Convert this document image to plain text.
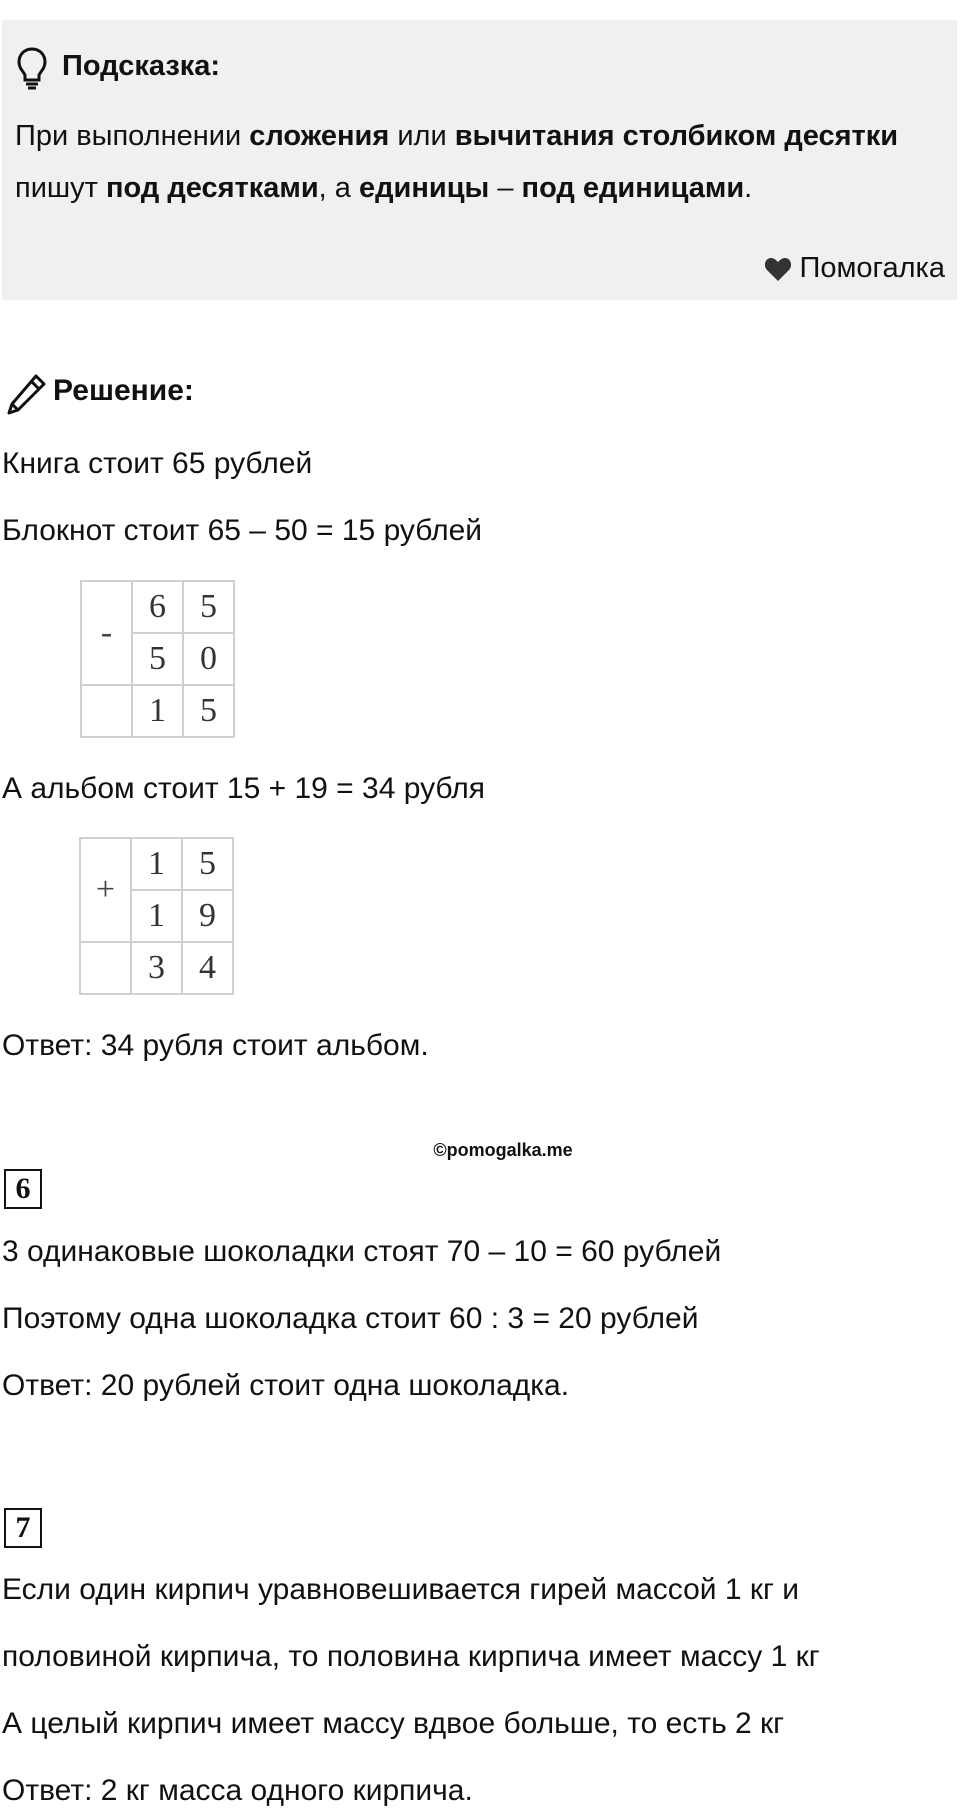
Подсказка:
При выполнении сложения или вычитания столбиком десятки пишут под десятками, а единицы – под единицами.
Помогалка
Решение:
Книга стоит 65 рублей
Блокнот стоит 65 – 50 = 15 рублей
-	6	5
	5	0
	1	5
А альбом стоит 15 + 19 = 34 рубля
+	1	5
	1	9
	3	4
Ответ: 34 рубля стоит альбом.
©pomogalka.me
6
3 одинаковые шоколадки стоят 70 – 10 = 60 рублей
Поэтому одна шоколадка стоит 60 : 3 = 20 рублей
Ответ: 20 рублей стоит одна шоколадка.
7
Если один кирпич уравновешивается гирей массой 1 кг и
половиной кирпича, то половина кирпича имеет массу 1 кг
А целый кирпич имеет массу вдвое больше, то есть 2 кг
Ответ: 2 кг масса одного кирпича.
